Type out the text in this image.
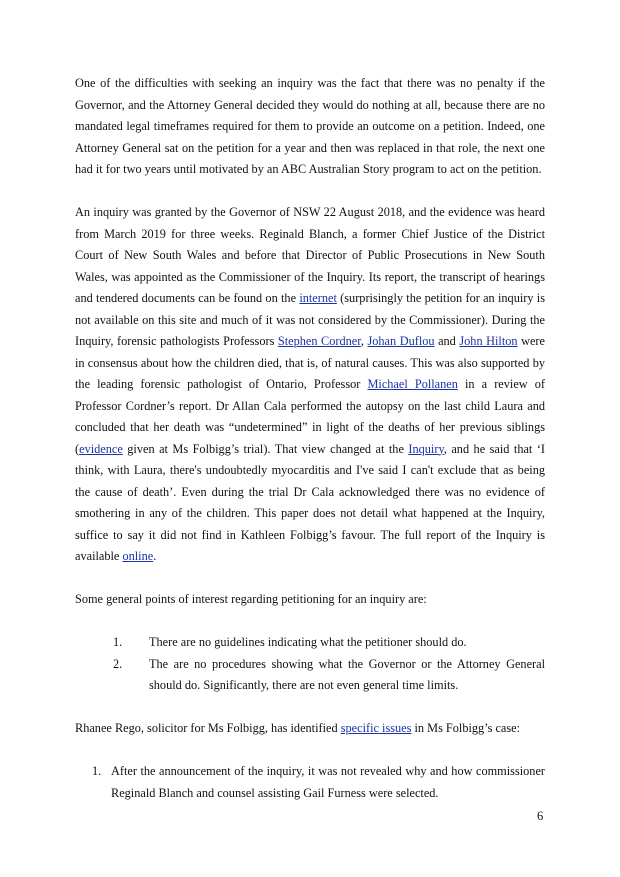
One of the difficulties with seeking an inquiry was the fact that there was no penalty if the Governor, and the Attorney General decided they would do nothing at all, because there are no mandated legal timeframes required for them to provide an outcome on a petition. Indeed, one Attorney General sat on the petition for a year and then was replaced in that role, the next one had it for two years until motivated by an ABC Australian Story program to act on the petition.

An inquiry was granted by the Governor of NSW 22 August 2018, and the evidence was heard from March 2019 for three weeks. Reginald Blanch, a former Chief Justice of the District Court of New South Wales and before that Director of Public Prosecutions in New South Wales, was appointed as the Commissioner of the Inquiry. Its report, the transcript of hearings and tendered documents can be found on the internet (surprisingly the petition for an inquiry is not available on this site and much of it was not considered by the Commissioner). During the Inquiry, forensic pathologists Professors Stephen Cordner, Johan Duflou and John Hilton were in consensus about how the children died, that is, of natural causes. This was also supported by the leading forensic pathologist of Ontario, Professor Michael Pollanen in a review of Professor Cordner’s report. Dr Allan Cala performed the autopsy on the last child Laura and concluded that her death was “undetermined” in light of the deaths of her previous siblings (evidence given at Ms Folbigg’s trial). That view changed at the Inquiry, and he said that ‘I think, with Laura, there's undoubtedly myocarditis and I've said I can't exclude that as being the cause of death’. Even during the trial Dr Cala acknowledged there was no evidence of smothering in any of the children. This paper does not detail what happened at the Inquiry, suffice to say it did not find in Kathleen Folbigg’s favour. The full report of the Inquiry is available online.

Some general points of interest regarding petitioning for an inquiry are:

1. There are no guidelines indicating what the petitioner should do.
2. The are no procedures showing what the Governor or the Attorney General should do. Significantly, there are not even general time limits.

Rhanee Rego, solicitor for Ms Folbigg, has identified specific issues in Ms Folbigg’s case:

1. After the announcement of the inquiry, it was not revealed why and how commissioner Reginald Blanch and counsel assisting Gail Furness were selected.
6
